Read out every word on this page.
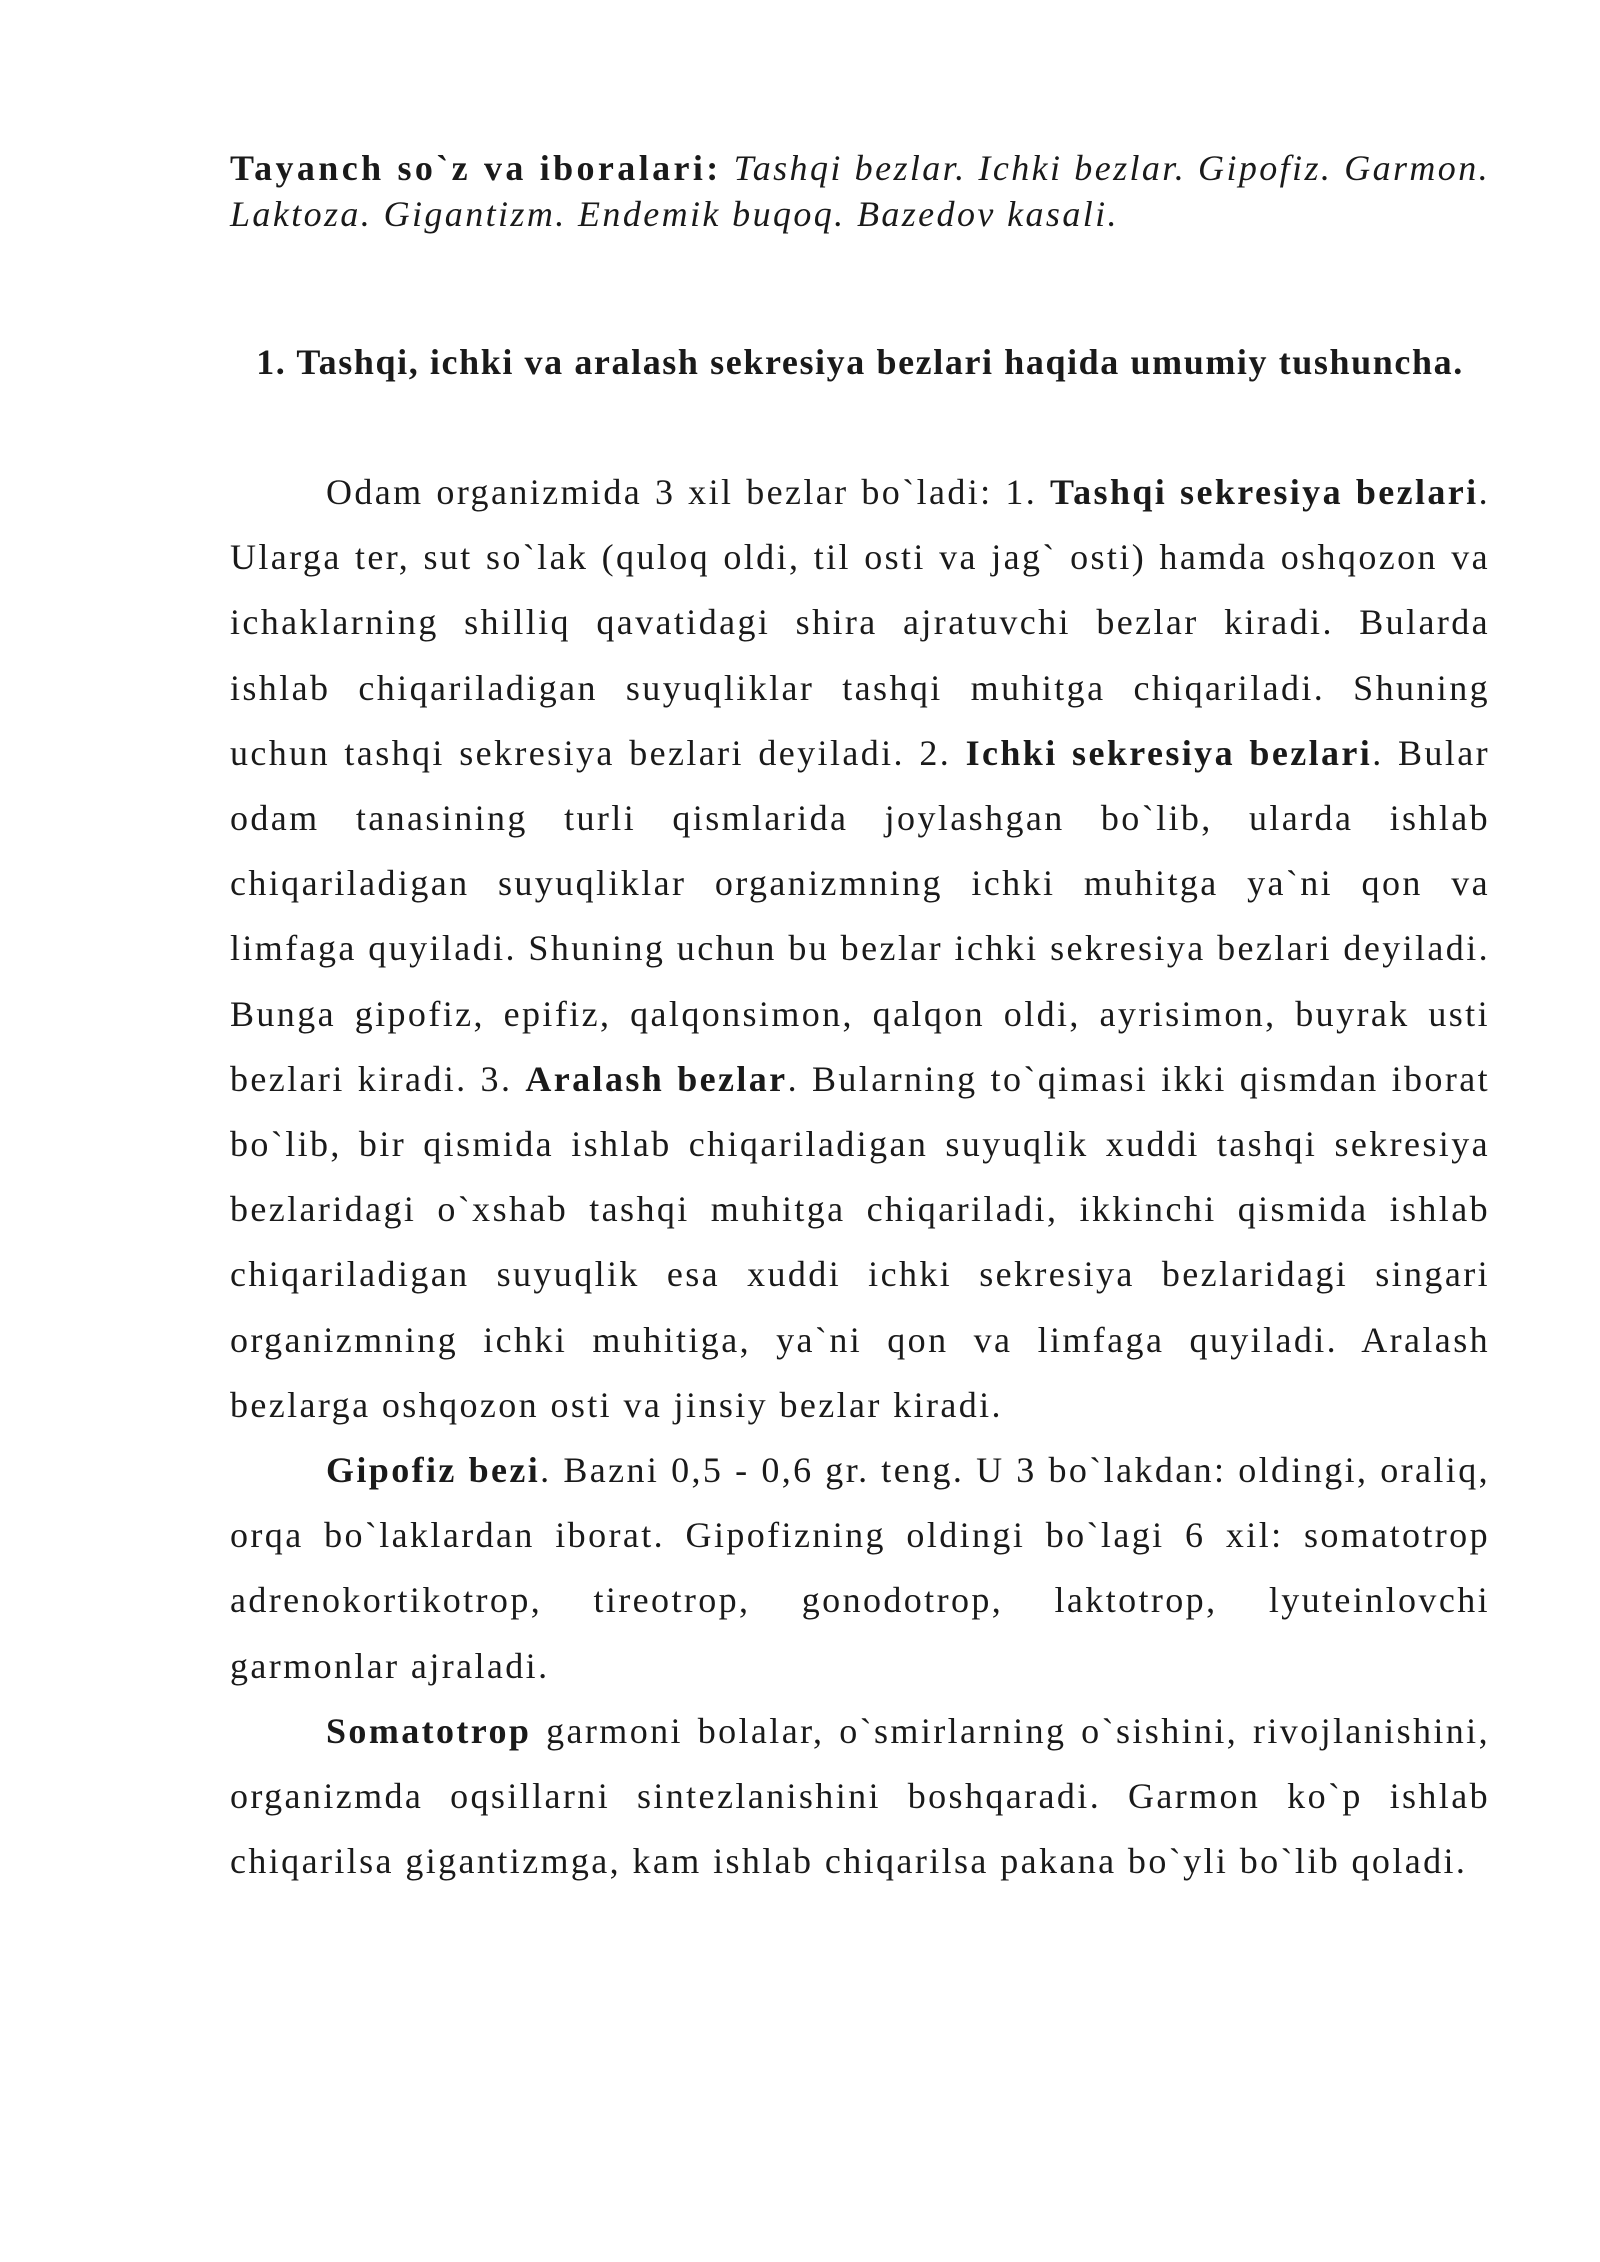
Tayanch so`z va iboralari: Tashqi bezlar. Ichki bezlar. Gipofiz. Garmon. Laktoza. Gigantizm. Endemik buqoq. Bazedov kasali.

1. Tashqi, ichki va aralash sekresiya bezlari haqida umumiy tushuncha.

Odam organizmida 3 xil bezlar bo`ladi: 1. Tashqi sekresiya bezlari. Ularga ter, sut so`lak (quloq oldi, til osti va jag` osti) hamda oshqozon va ichaklarning shilliq qavatidagi shira ajratuvchi bezlar kiradi. Bularda ishlab chiqariladigan suyuqliklar tashqi muhitga chiqariladi. Shuning uchun tashqi sekresiya bezlari deyiladi. 2. Ichki sekresiya bezlari. Bular odam tanasining turli qismlarida joylashgan bo`lib, ularda ishlab chiqariladigan suyuqliklar organizmning ichki muhitga ya`ni qon va limfaga quyiladi. Shuning uchun bu bezlar ichki sekresiya bezlari deyiladi. Bunga gipofiz, epifiz, qalqonsimon, qalqon oldi, ayrisimon, buyrak usti bezlari kiradi. 3. Aralash bezlar. Bularning to`qimasi ikki qismdan iborat bo`lib, bir qismida ishlab chiqariladigan suyuqlik xuddi tashqi sekresiya bezlaridagi o`xshab tashqi muhitga chiqariladi, ikkinchi qismida ishlab chiqariladigan suyuqlik esa xuddi ichki sekresiya bezlaridagi singari organizmning ichki muhitiga, ya`ni qon va limfaga quyiladi. Aralash bezlarga oshqozon osti va jinsiy bezlar kiradi.

Gipofiz bezi. Bazni 0,5 - 0,6 gr. teng. U 3 bo`lakdan: oldingi, oraliq, orqa bo`laklardan iborat. Gipofizning oldingi bo`lagi 6 xil: somatotrop adrenokortikotrop, tireotrop, gonodotrop, laktotrop, lyuteinlovchi garmonlar ajraladi.

Somatotrop garmoni bolalar, o`smirlarning o`sishini, rivojlanishini, organizmda oqsillarni sintezlanishini boshqaradi. Garmon ko`p ishlab chiqarilsa gigantizmga, kam ishlab chiqarilsa pakana bo`yli bo`lib qoladi.
